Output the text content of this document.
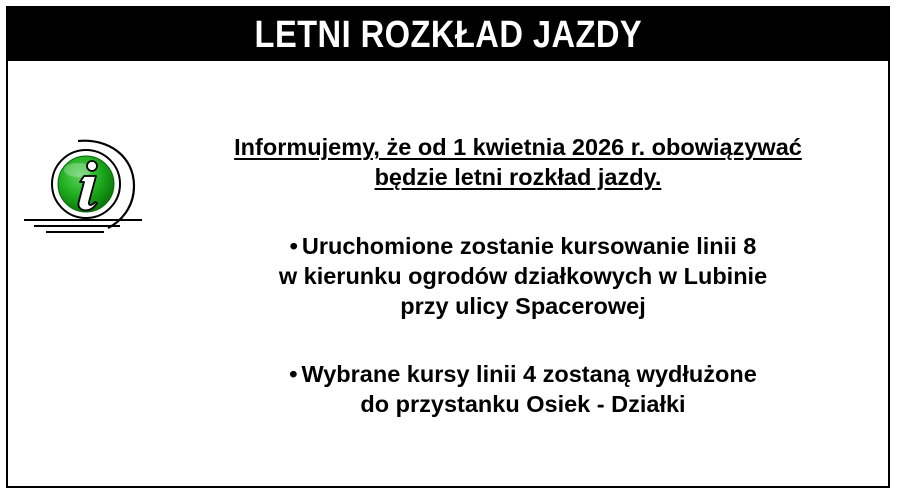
LETNI ROZKŁAD JAZDY
Informujemy, że od 1 kwietnia 2026 r. obowiązywać
będzie letni rozkład jazdy.
• Uruchomione zostanie kursowanie linii 8
w kierunku ogrodów działkowych w Lubinie
przy ulicy Spacerowej
• Wybrane kursy linii 4 zostaną wydłużone
do przystanku Osiek - Działki
